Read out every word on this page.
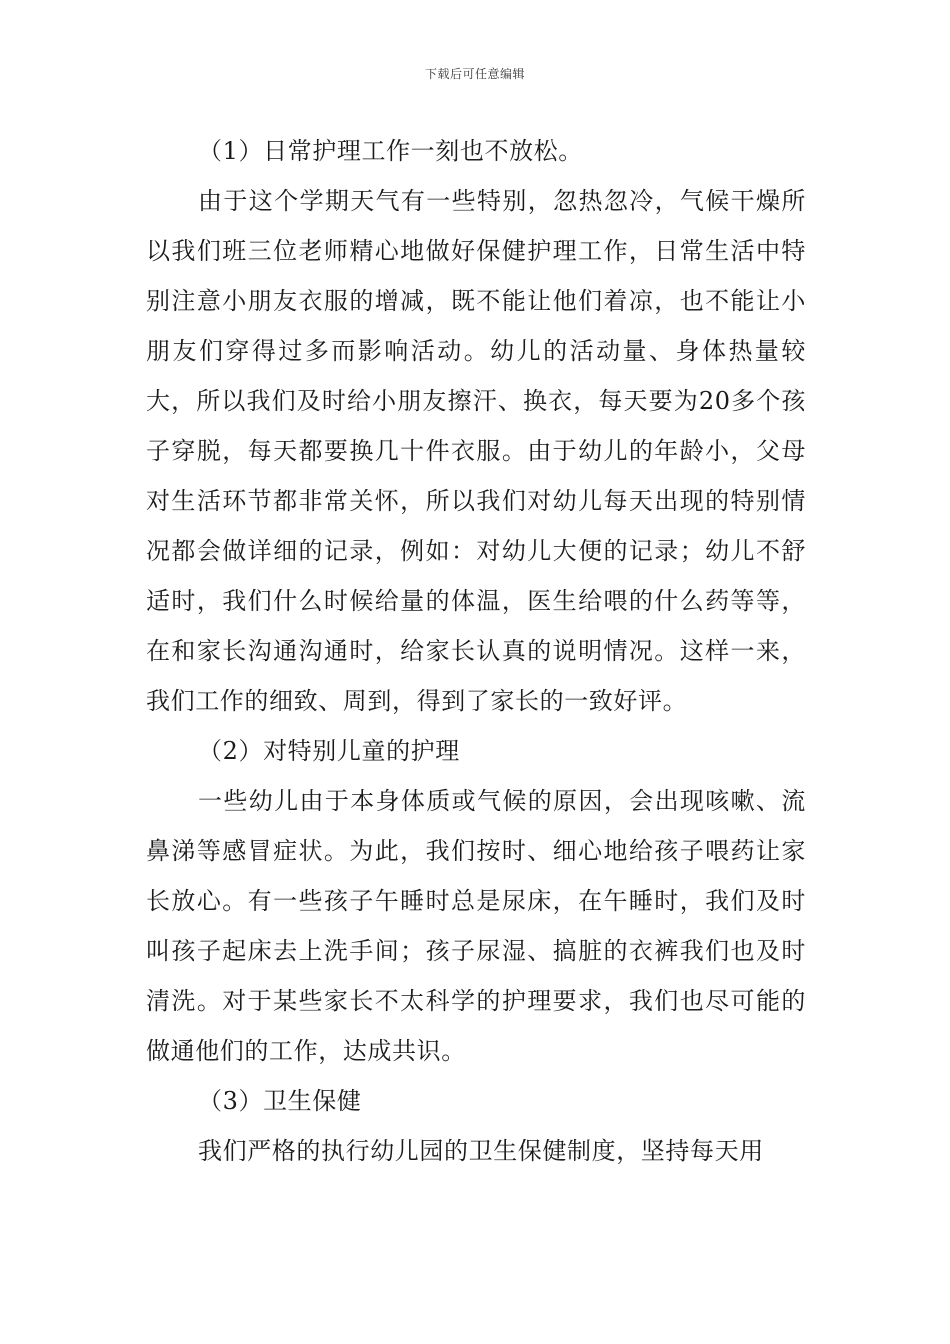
下载后可任意编辑

（1）日常护理工作一刻也不放松。

由于这个学期天气有一些特别，忽热忽冷，气候干燥所以我们班三位老师精心地做好保健护理工作，日常生活中特别注意小朋友衣服的增减，既不能让他们着凉，也不能让小朋友们穿得过多而影响活动。幼儿的活动量、身体热量较大，所以我们及时给小朋友擦汗、换衣，每天要为20多个孩子穿脱，每天都要换几十件衣服。由于幼儿的年龄小，父母对生活环节都非常关怀，所以我们对幼儿每天出现的特别情况都会做详细的记录，例如：对幼儿大便的记录；幼儿不舒适时，我们什么时候给量的体温，医生给喂的什么药等等，在和家长沟通沟通时，给家长认真的说明情况。这样一来，我们工作的细致、周到，得到了家长的一致好评。

（2）对特别儿童的护理

一些幼儿由于本身体质或气候的原因，会出现咳嗽、流鼻涕等感冒症状。为此，我们按时、细心地给孩子喂药让家长放心。有一些孩子午睡时总是尿床，在午睡时，我们及时叫孩子起床去上洗手间；孩子尿湿、搞脏的衣裤我们也及时清洗。对于某些家长不太科学的护理要求，我们也尽可能的做通他们的工作，达成共识。

（3）卫生保健

我们严格的执行幼儿园的卫生保健制度，坚持每天用
